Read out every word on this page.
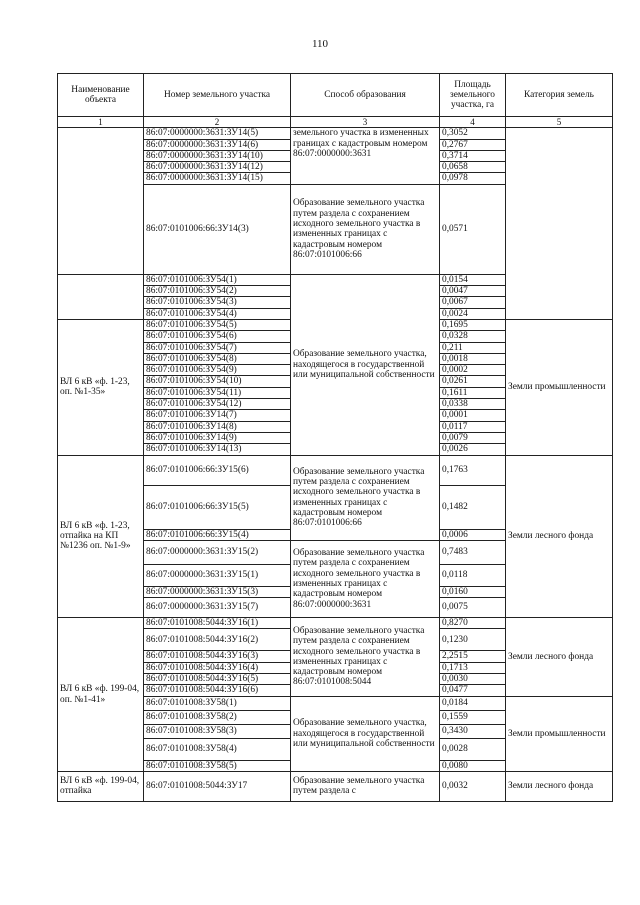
110
Наименование объекта	Номер земельного участка	Способ образования	Площадь земельного участка, га	Категория земель
1	2	3	4	5
	86:07:0000000:3631:ЗУ14(5)	земельного участка в измененных границах с кадастровым номером 86:07:0000000:3631	0,3052	
	86:07:0000000:3631:ЗУ14(6)		0,2767	
	86:07:0000000:3631:ЗУ14(10)		0,3714	
	86:07:0000000:3631:ЗУ14(12)		0,0658	
	86:07:0000000:3631:ЗУ14(15)		0,0978	
	86:07:0101006:66:ЗУ14(3)	Образование земельного участка путем раздела с сохранением исходного земельного участка в измененных границах с кадастровым номером 86:07:0101006:66	0,0571	
	86:07:0101006:ЗУ54(1)	Образование земельного участка, находящегося в государственной или муниципальной собственности	0,0154	
	86:07:0101006:ЗУ54(2)		0,0047	
	86:07:0101006:ЗУ54(3)		0,0067	
	86:07:0101006:ЗУ54(4)		0,0024	
ВЛ 6 кВ «ф. 1-23, оп. №1-35»	86:07:0101006:ЗУ54(5)		0,1695	Земли промышленности
	86:07:0101006:ЗУ54(6)		0,0328	
	86:07:0101006:ЗУ54(7)		0,211	
	86:07:0101006:ЗУ54(8)		0,0018	
	86:07:0101006:ЗУ54(9)		0,0002	
	86:07:0101006:ЗУ54(10)		0,0261	
	86:07:0101006:ЗУ54(11)		0,1611	
	86:07:0101006:ЗУ54(12)		0,0338	
	86:07:0101006:ЗУ14(7)		0,0001	
	86:07:0101006:ЗУ14(8)		0,0117	
	86:07:0101006:ЗУ14(9)		0,0079	
	86:07:0101006:ЗУ14(13)		0,0026	
ВЛ 6 кВ «ф. 1-23, отпайка на КП №1236 оп. №1-9»	86:07:0101006:66:ЗУ15(6)	Образование земельного участка путем раздела с сохранением исходного земельного участка в измененных границах с кадастровым номером 86:07:0101006:66	0,1763	Земли лесного фонда
	86:07:0101006:66:ЗУ15(5)		0,1482	
	86:07:0101006:66:ЗУ15(4)		0,0006	
	86:07:0000000:3631:ЗУ15(2)	Образование земельного участка путем раздела с сохранением исходного земельного участка в измененных границах с кадастровым номером 86:07:0000000:3631	0,7483	
	86:07:0000000:3631:ЗУ15(1)		0,0118	
	86:07:0000000:3631:ЗУ15(3)		0,0160	
	86:07:0000000:3631:ЗУ15(7)		0,0075	
ВЛ 6 кВ «ф. 199-04, оп. №1-41»	86:07:0101008:5044:ЗУ16(1)	Образование земельного участка путем раздела с сохранением исходного земельного участка в измененных границах с кадастровым номером 86:07:0101008:5044	0,8270	Земли лесного фонда
	86:07:0101008:5044:ЗУ16(2)		0,1230	
	86:07:0101008:5044:ЗУ16(3)		2,2515	
	86:07:0101008:5044:ЗУ16(4)		0,1713	
	86:07:0101008:5044:ЗУ16(5)		0,0030	
	86:07:0101008:5044:ЗУ16(6)		0,0477	
	86:07:0101008:ЗУ58(1)	Образование земельного участка, находящегося в государственной или муниципальной собственности	0,0184	Земли промышленности
	86:07:0101008:ЗУ58(2)		0,1559	
	86:07:0101008:ЗУ58(3)		0,3430	
	86:07:0101008:ЗУ58(4)		0,0028	
	86:07:0101008:ЗУ58(5)		0,0080	
ВЛ 6 кВ «ф. 199-04, отпайка	86:07:0101008:5044:ЗУ17	Образование земельного участка путем раздела с	0,0032	Земли лесного фонда
